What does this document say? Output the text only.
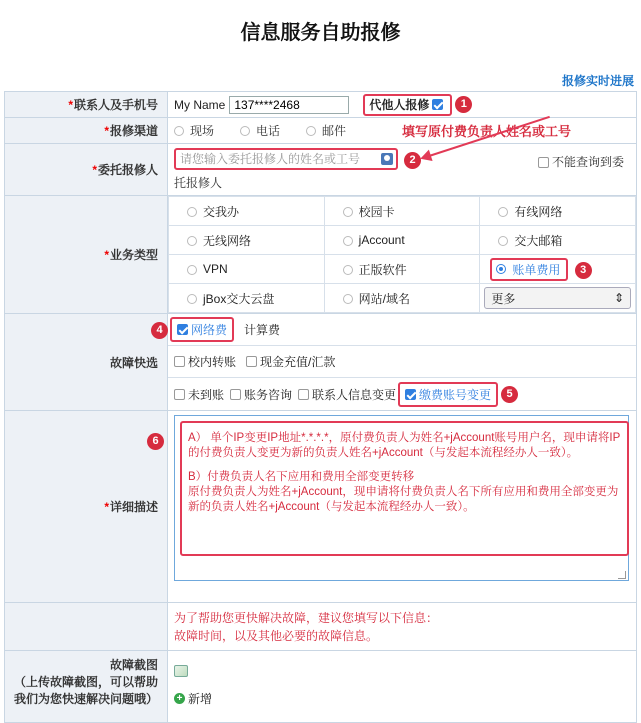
信息服务自助报修
报修实时进展
*联系人及手机号	My Name
137****2468	代他人报修	1

*报修渠道	现场	电话	邮件	填写原付费负责人姓名或工号

*委托报修人	
请您输入委托报修人的姓名或工号	2	不能查询到委
托报修人

*业务类型	
交我办	校园卡	有线网络
无线网络	jAccount	交大邮箱
VPN	正版软件	账单费用 3
jBox交大云盘	网站/域名	更多	⇕

4
故障快选	
网络费 计算费
校内转账 现金充值/汇款
未到账 账务咨询 联系人信息变更 缴费账号变更	5

*详细描述	
6	A） 单个IP变更IP地址*.*.*.*，原付费负责人为姓名+jAccount账号用户名，现申请将IP的付费负责人变更为新的负责人姓名+jAccount（与发起本流程经办人一致）。

B）付费负责人名下应用和费用全部变更转移

原付费负责人为姓名+jAccount，现申请将付费负责人名下所有应用和费用全部变更为新的负责人姓名+jAccount（与发起本流程经办人一致）。

为了帮助您更快解决故障，建议您填写以下信息：
故障时间，以及其他必要的故障信息。

故障截图
（上传故障截图，可以帮助
我们为您快速解决问题哦）	+ 新增
